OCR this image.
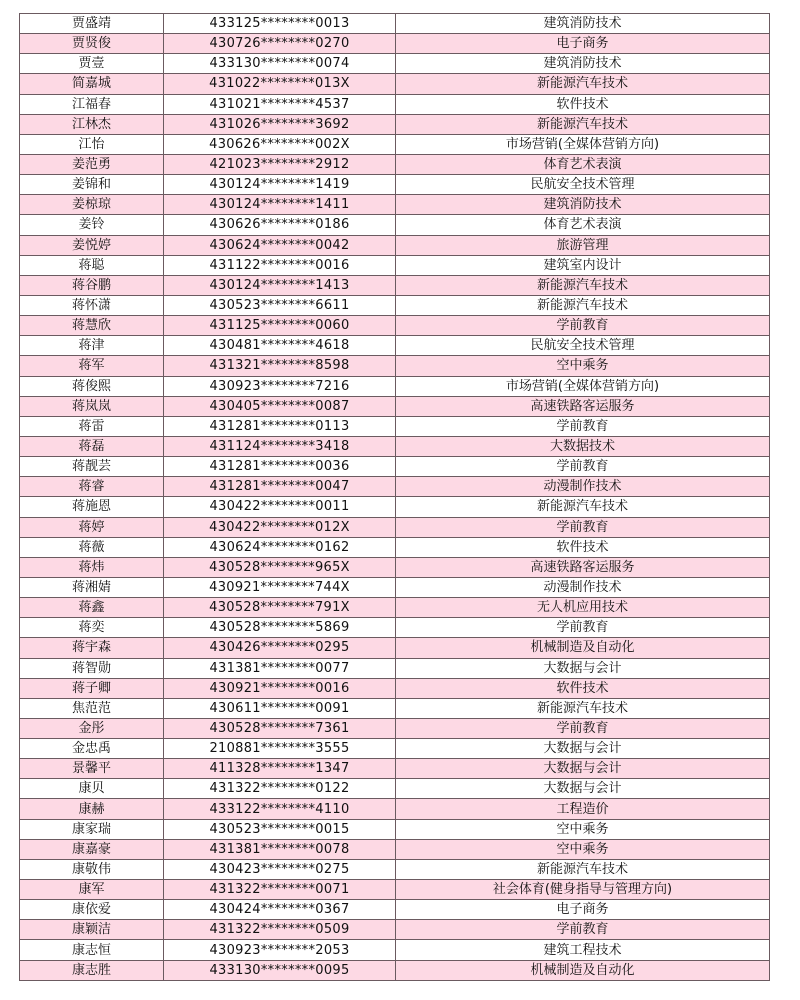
贾盛靖	433125********0013	建筑消防技术
贾贤俊	430726********0270	电子商务
贾壹	433130********0074	建筑消防技术
简嘉城	431022********013X	新能源汽车技术
江福春	431021********4537	软件技术
江林杰	431026********3692	新能源汽车技术
江怡	430626********002X	市场营销(全媒体营销方向)
姜范勇	421023********2912	体育艺术表演
姜锦和	430124********1419	民航安全技术管理
姜椋琼	430124********1411	建筑消防技术
姜铃	430626********0186	体育艺术表演
姜悦婷	430624********0042	旅游管理
蒋聪	431122********0016	建筑室内设计
蒋谷鹏	430124********1413	新能源汽车技术
蒋怀潇	430523********6611	新能源汽车技术
蒋慧欣	431125********0060	学前教育
蒋津	430481********4618	民航安全技术管理
蒋军	431321********8598	空中乘务
蒋俊熙	430923********7216	市场营销(全媒体营销方向)
蒋岚岚	430405********0087	高速铁路客运服务
蒋雷	431281********0113	学前教育
蒋磊	431124********3418	大数据技术
蒋靓芸	431281********0036	学前教育
蒋睿	431281********0047	动漫制作技术
蒋施恩	430422********0011	新能源汽车技术
蒋婷	430422********012X	学前教育
蒋薇	430624********0162	软件技术
蒋炜	430528********965X	高速铁路客运服务
蒋湘婧	430921********744X	动漫制作技术
蒋鑫	430528********791X	无人机应用技术
蒋奕	430528********5869	学前教育
蒋宇森	430426********0295	机械制造及自动化
蒋智勋	431381********0077	大数据与会计
蒋子卿	430921********0016	软件技术
焦范范	430611********0091	新能源汽车技术
金彤	430528********7361	学前教育
金忠禹	210881********3555	大数据与会计
景馨平	411328********1347	大数据与会计
康贝	431322********0122	大数据与会计
康赫	433122********4110	工程造价
康家瑞	430523********0015	空中乘务
康嘉豪	431381********0078	空中乘务
康敬伟	430423********0275	新能源汽车技术
康军	431322********0071	社会体育(健身指导与管理方向)
康依爱	430424********0367	电子商务
康颖洁	431322********0509	学前教育
康志恒	430923********2053	建筑工程技术
康志胜	433130********0095	机械制造及自动化
